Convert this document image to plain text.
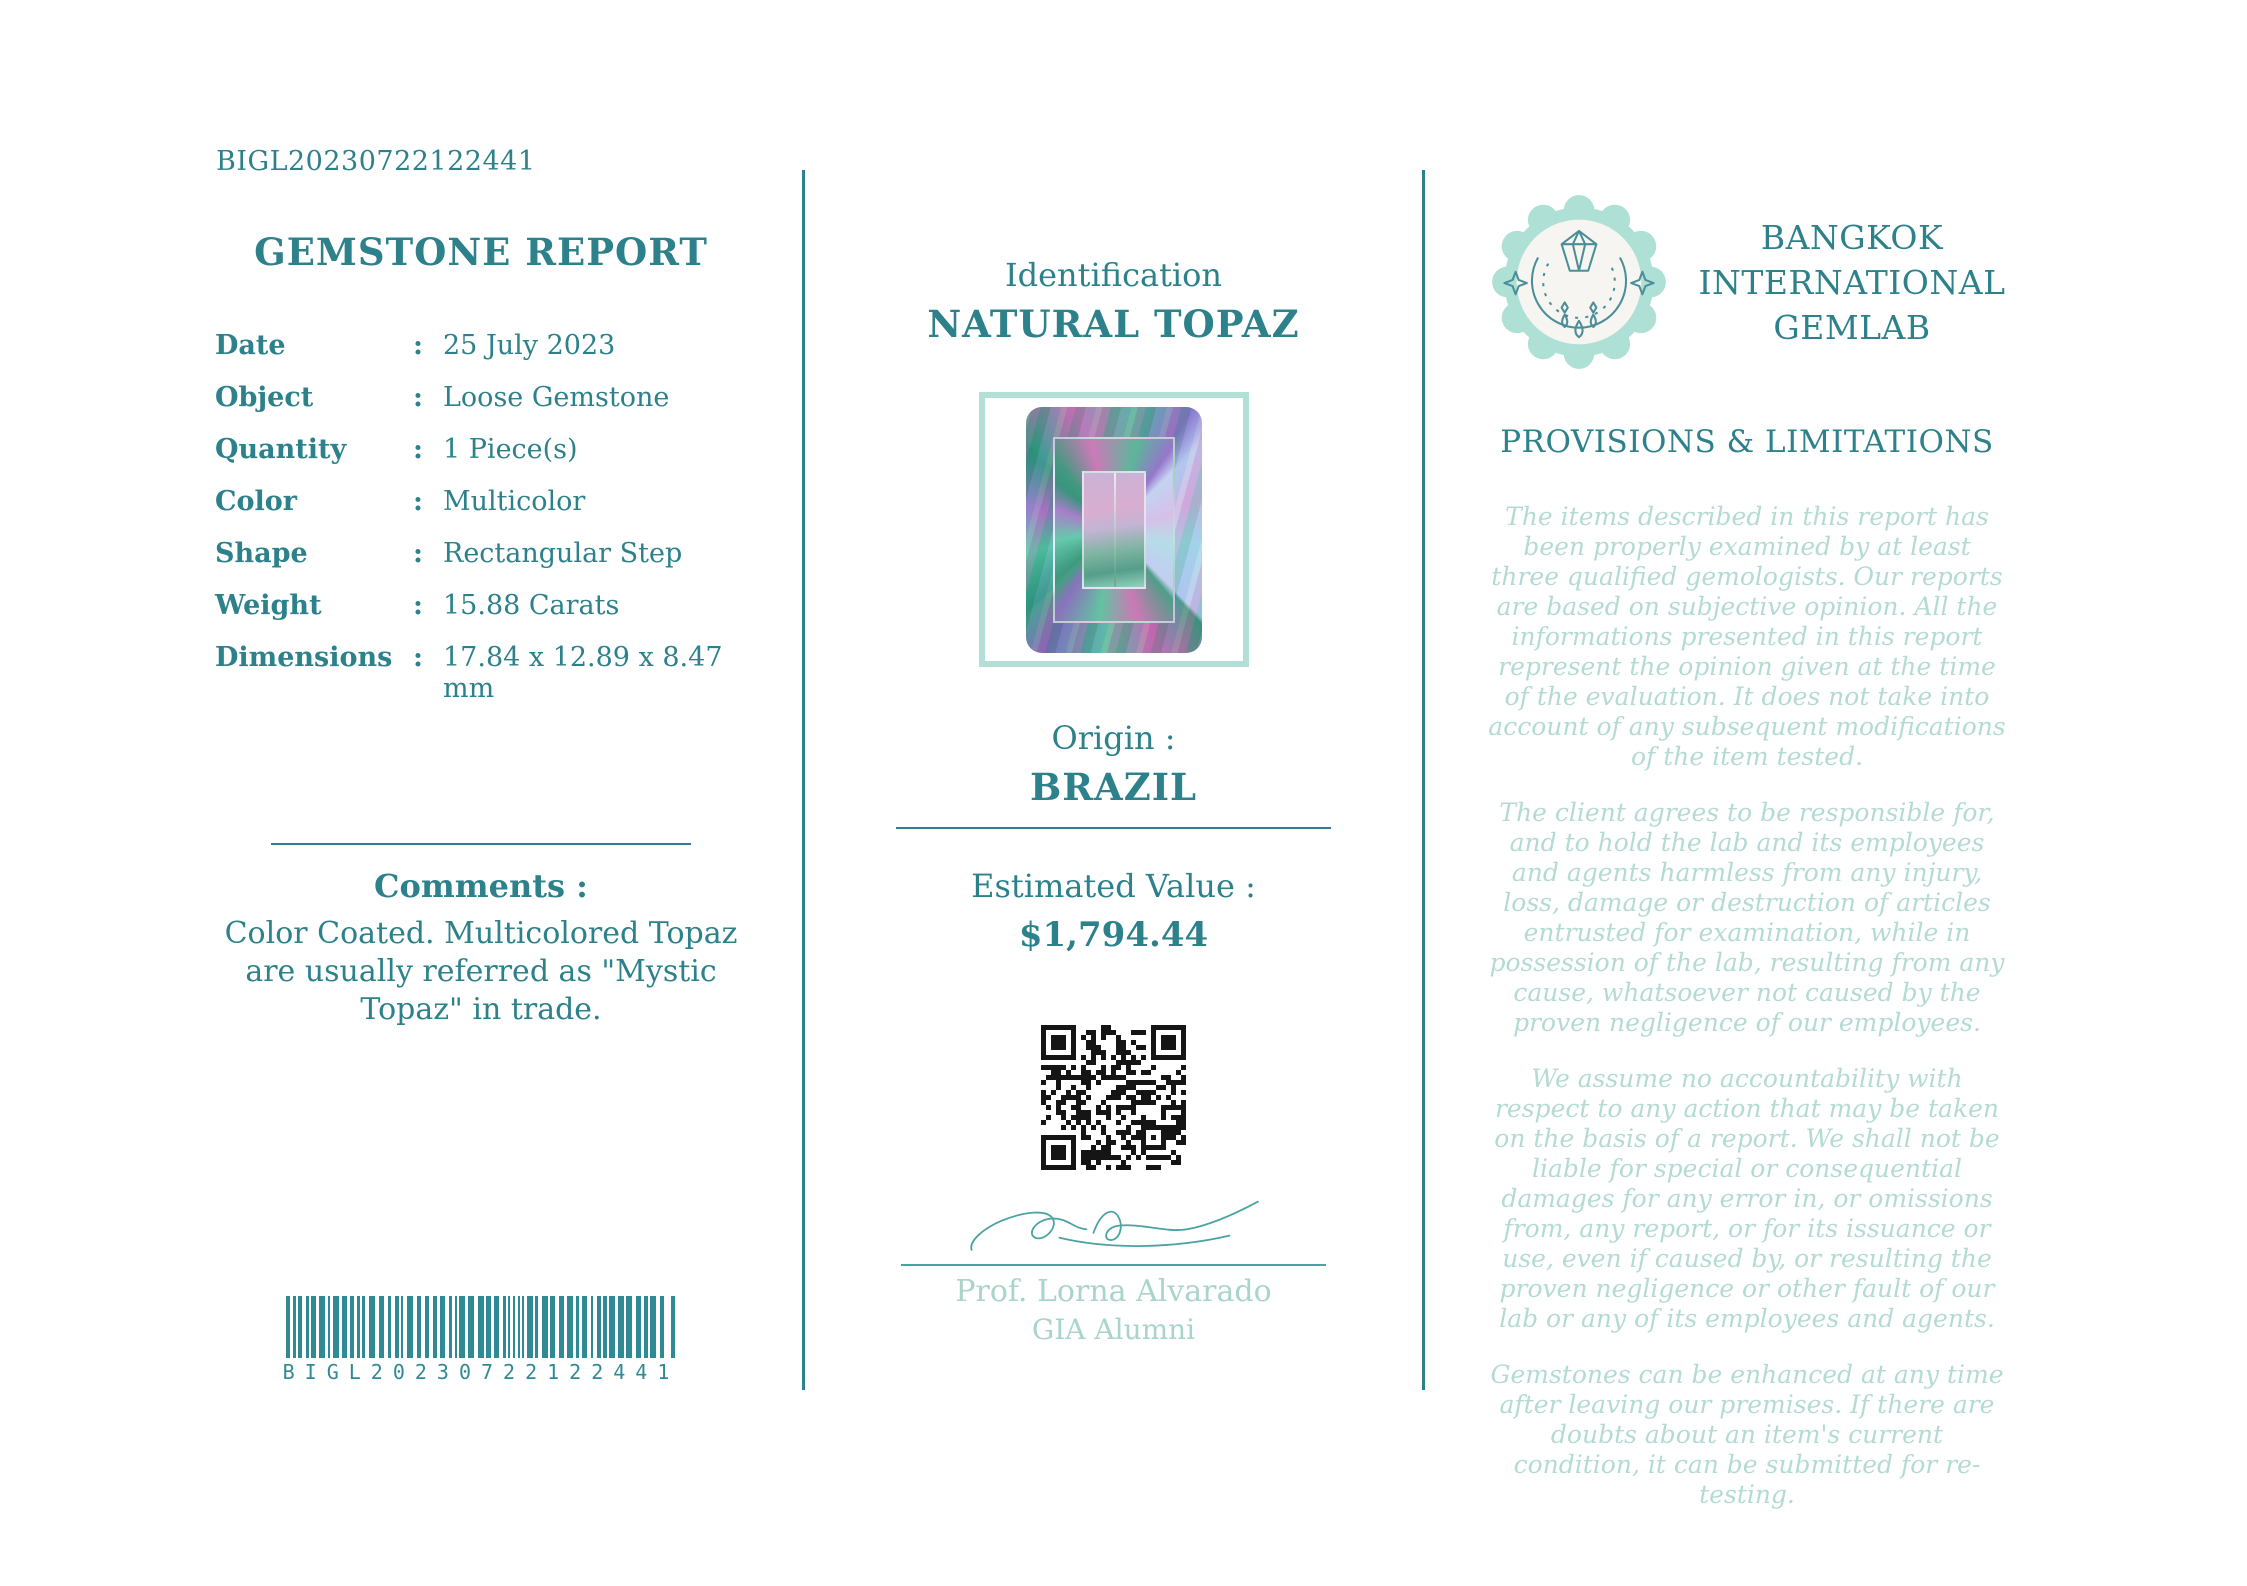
BIGL20230722122441
GEMSTONE REPORT
Date	: 25 July 2023
Object	: Loose Gemstone
Quantity	: 1 Piece(s)
Color	: Multicolor
Shape	: Rectangular Step
Weight	: 15.88 Carats
Dimensions : 17.84 x 12.89 x 8.47 mm
Comments :

Color Coated. Multicolored Topaz are usually referred as "Mystic Topaz" in trade.

BIGL20230722122441
Identification
NATURAL TOPAZ
Origin :
BRAZIL
Estimated Value :
$1,794.44
Prof. Lorna Alvarado
GIA Alumni
BANGKOK
INTERNATIONAL
GEMLAB
PROVISIONS & LIMITATIONS

The items described in this report has been properly examined by at least three qualified gemologists. Our reports are based on subjective opinion. All the informations presented in this report represent the opinion given at the time of the evaluation. It does not take into account of any subsequent modifications of the item tested.

The client agrees to be responsible for, and to hold the lab and its employees and agents harmless from any injury, loss, damage or destruction of articles entrusted for examination, while in possession of the lab, resulting from any cause, whatsoever not caused by the proven negligence of our employees.

We assume no accountability with respect to any action that may be taken on the basis of a report. We shall not be liable for special or consequential damages for any error in, or omissions from, any report, or for its issuance or use, even if caused by, or resulting the proven negligence or other fault of our lab or any of its employees and agents.

Gemstones can be enhanced at any time after leaving our premises. If there are doubts about an item's current condition, it can be submitted for re-testing.
